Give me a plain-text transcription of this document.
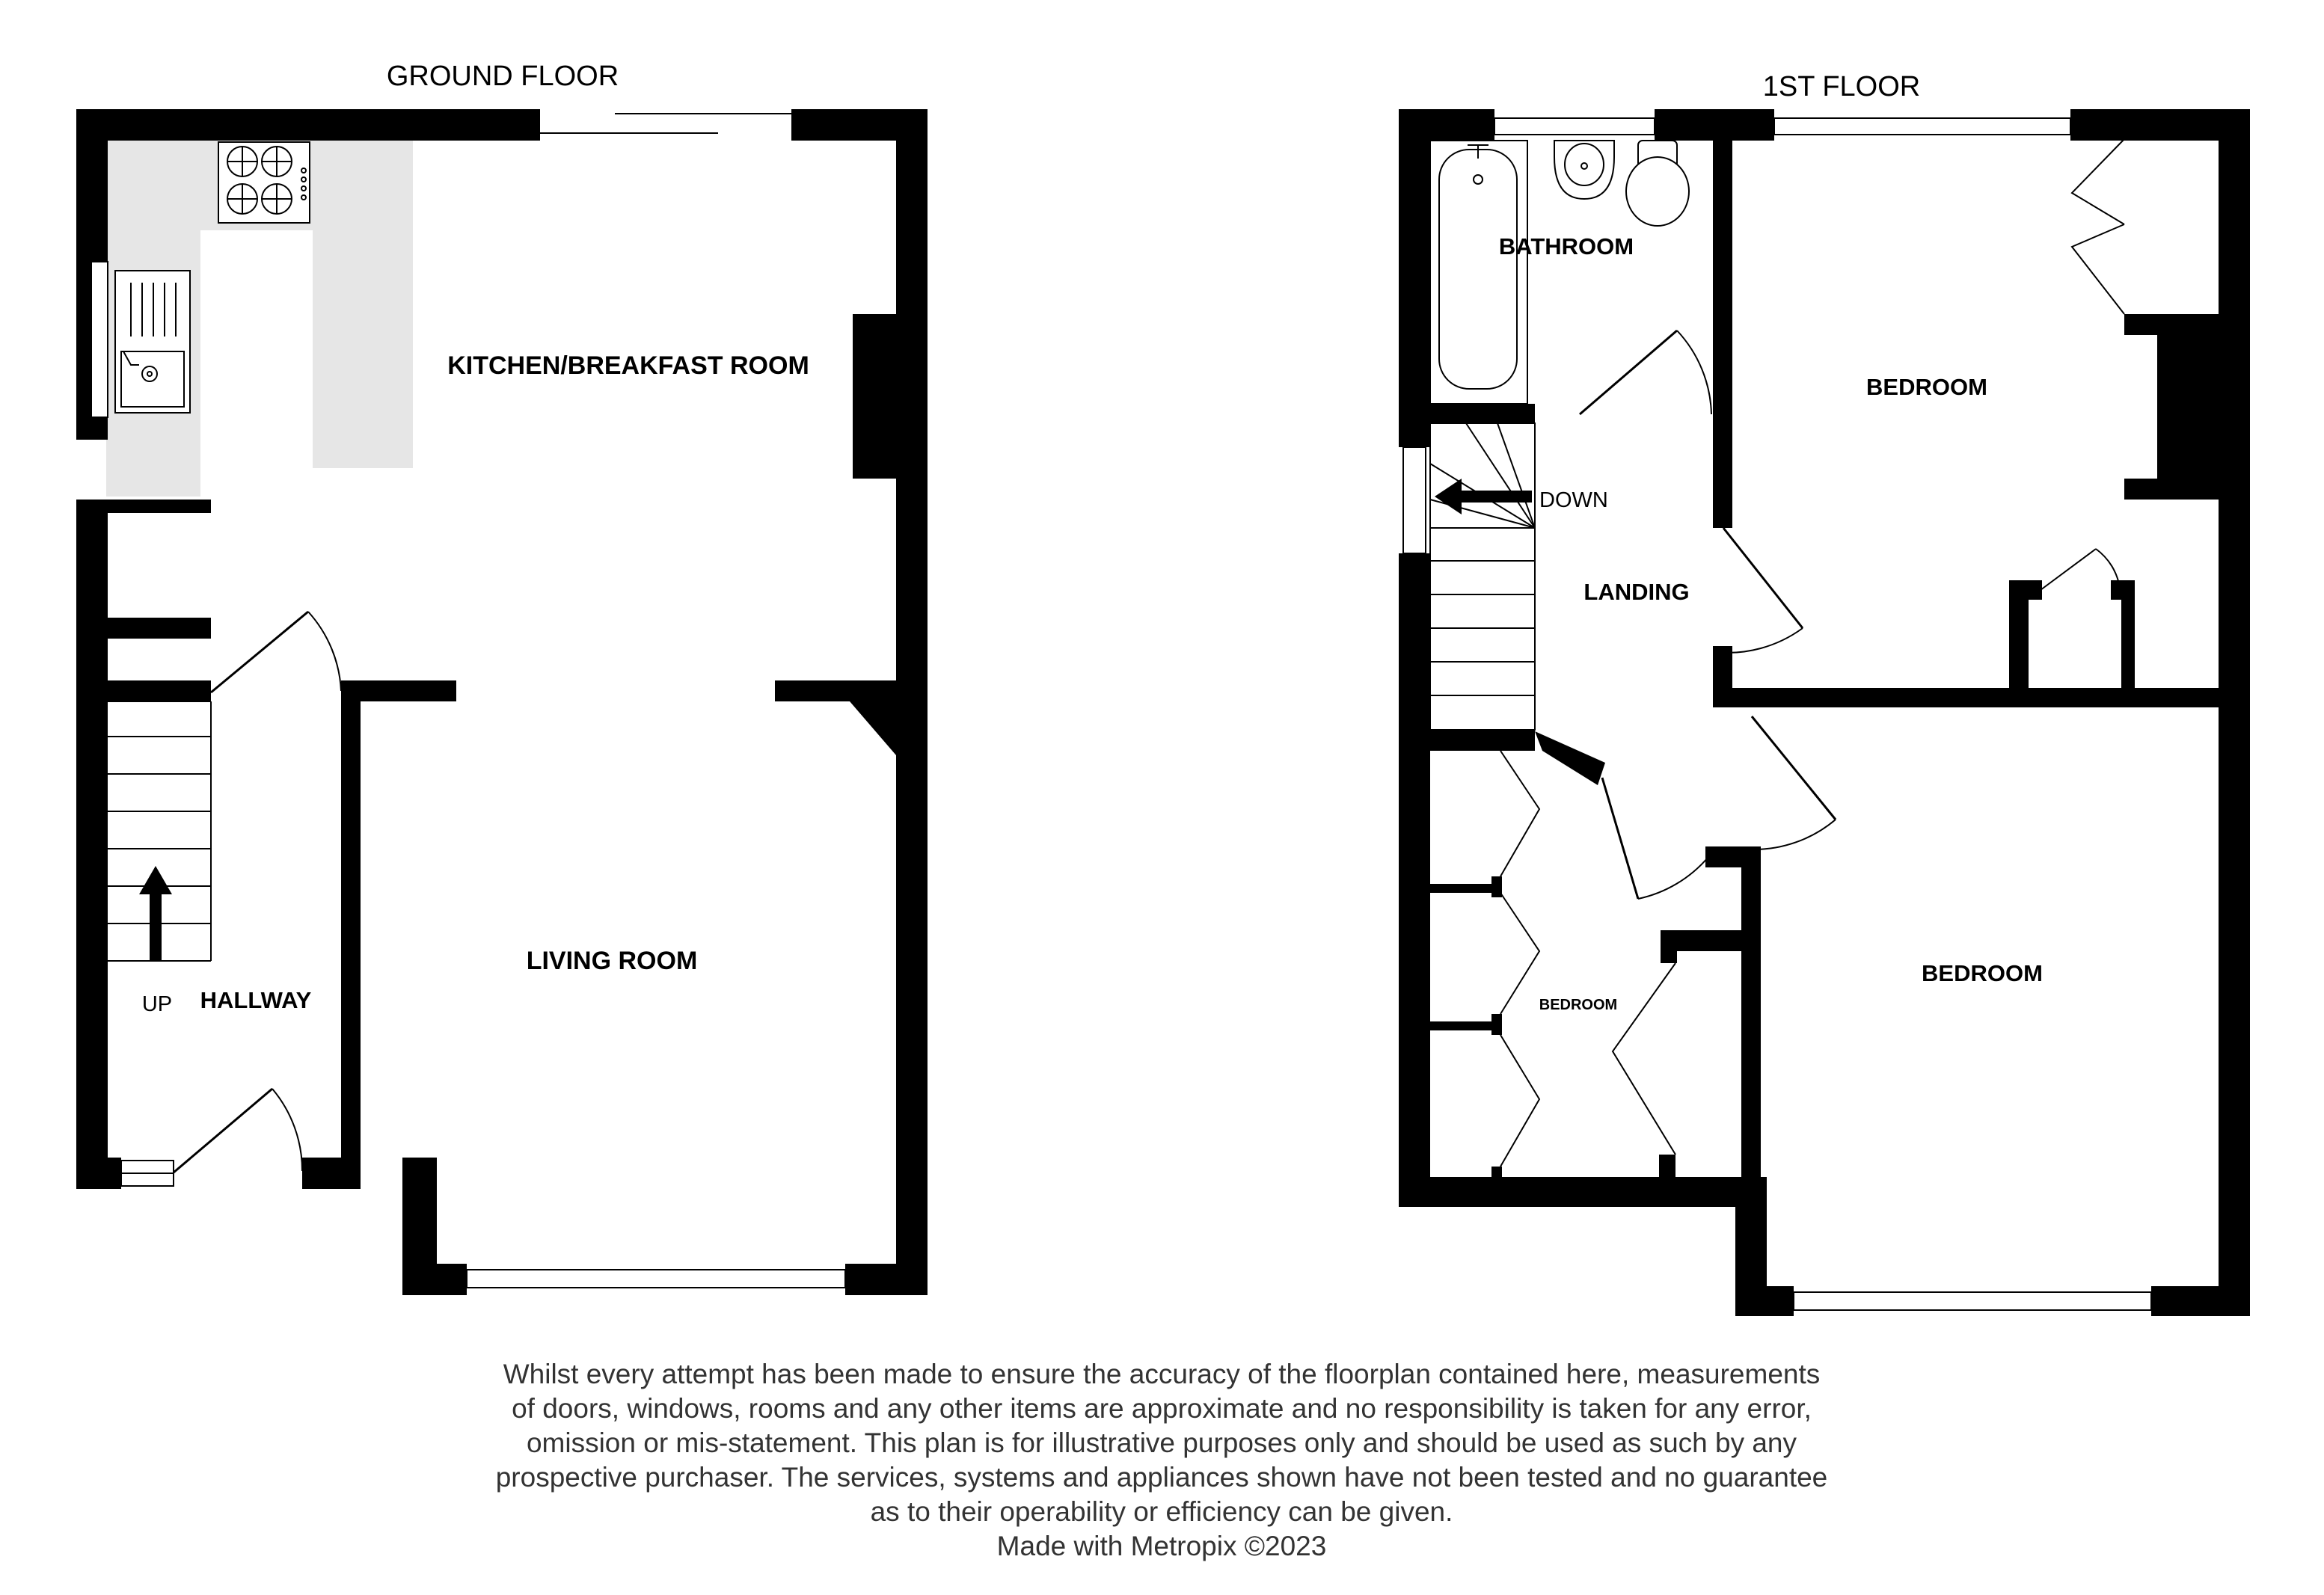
GROUND FLOOR
UP HALLWAY
KITCHEN/BREAKFAST ROOM
LIVING ROOM
1ST FLOOR
DOWN
BATHROOM
BEDROOM
LANDING
BEDROOM
BEDROOM
Whilst every attempt has been made to ensure the accuracy of the floorplan contained here, measurements
of doors, windows, rooms and any other items are approximate and no responsibility is taken for any error,
omission or mis-statement. This plan is for illustrative purposes only and should be used as such by any
prospective purchaser. The services, systems and appliances shown have not been tested and no guarantee
as to their operability or efficiency can be given.
Made with Metropix ©2023
